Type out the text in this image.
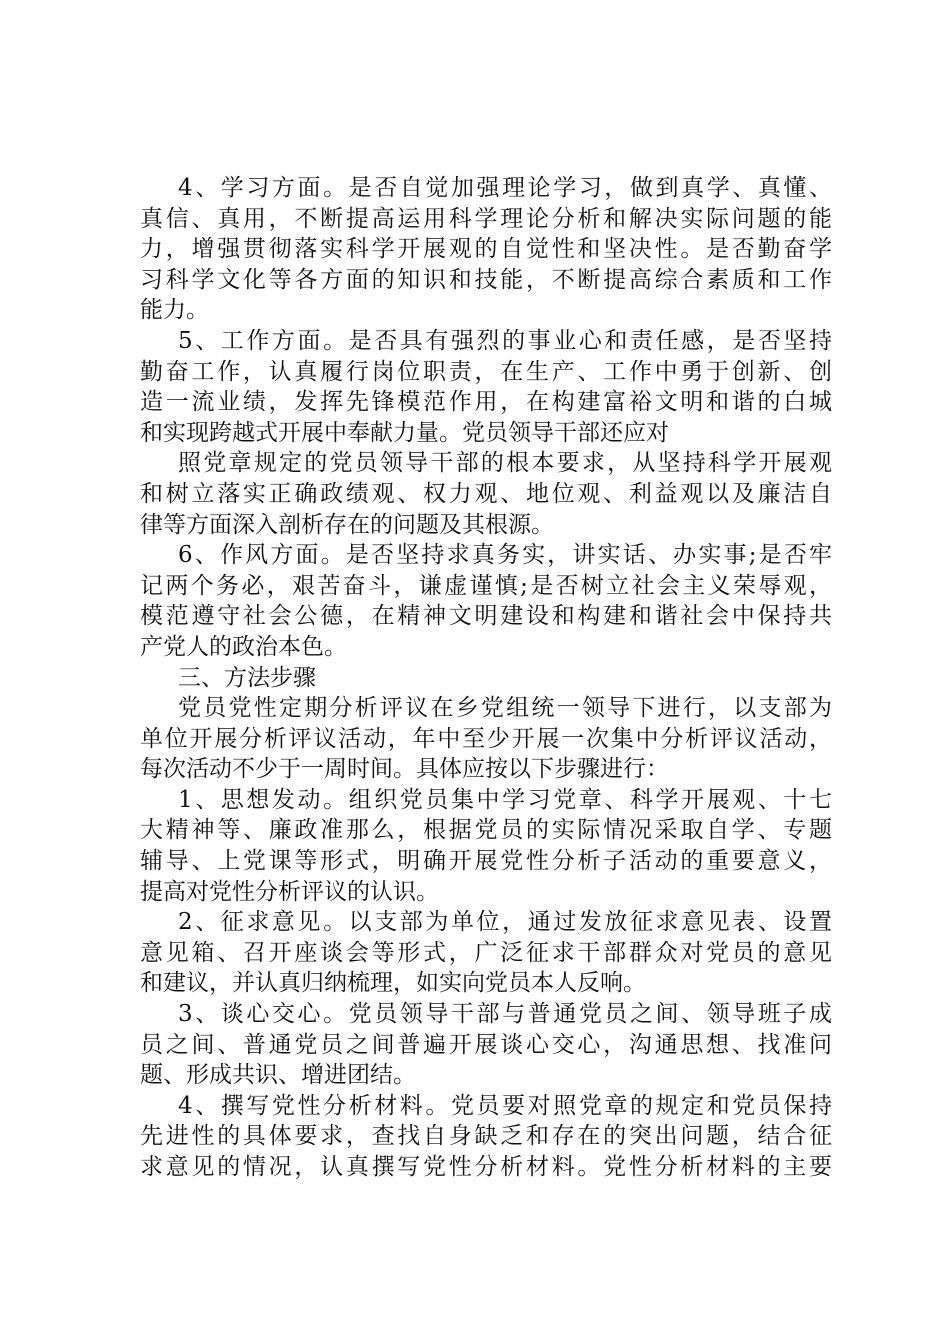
4、学习方面。是否自觉加强理论学习，做到真学、真懂、
真信、真用，不断提高运用科学理论分析和解决实际问题的能
力，增强贯彻落实科学开展观的自觉性和坚决性。是否勤奋学
习科学文化等各方面的知识和技能，不断提高综合素质和工作
能力。
5、工作方面。是否具有强烈的事业心和责任感，是否坚持
勤奋工作，认真履行岗位职责，在生产、工作中勇于创新、创
造一流业绩，发挥先锋模范作用，在构建富裕文明和谐的白城
和实现跨越式开展中奉献力量。党员领导干部还应对
照党章规定的党员领导干部的根本要求，从坚持科学开展观
和树立落实正确政绩观、权力观、地位观、利益观以及廉洁自
律等方面深入剖析存在的问题及其根源。
6、作风方面。是否坚持求真务实，讲实话、办实事;是否牢
记两个务必，艰苦奋斗，谦虚谨慎;是否树立社会主义荣辱观，
模范遵守社会公德，在精神文明建设和构建和谐社会中保持共
产党人的政治本色。
三、方法步骤
党员党性定期分析评议在乡党组统一领导下进行，以支部为
单位开展分析评议活动，年中至少开展一次集中分析评议活动，
每次活动不少于一周时间。具体应按以下步骤进行：
1、思想发动。组织党员集中学习党章、科学开展观、十七
大精神等、廉政准那么，根据党员的实际情况采取自学、专题
辅导、上党课等形式，明确开展党性分析子活动的重要意义，
提高对党性分析评议的认识。
2、征求意见。以支部为单位，通过发放征求意见表、设置
意见箱、召开座谈会等形式，广泛征求干部群众对党员的意见
和建议，并认真归纳梳理，如实向党员本人反响。
3、谈心交心。党员领导干部与普通党员之间、领导班子成
员之间、普通党员之间普遍开展谈心交心，沟通思想、找准问
题、形成共识、增进团结。
4、撰写党性分析材料。党员要对照党章的规定和党员保持
先进性的具体要求，查找自身缺乏和存在的突出问题，结合征
求意见的情况，认真撰写党性分析材料。党性分析材料的主要
